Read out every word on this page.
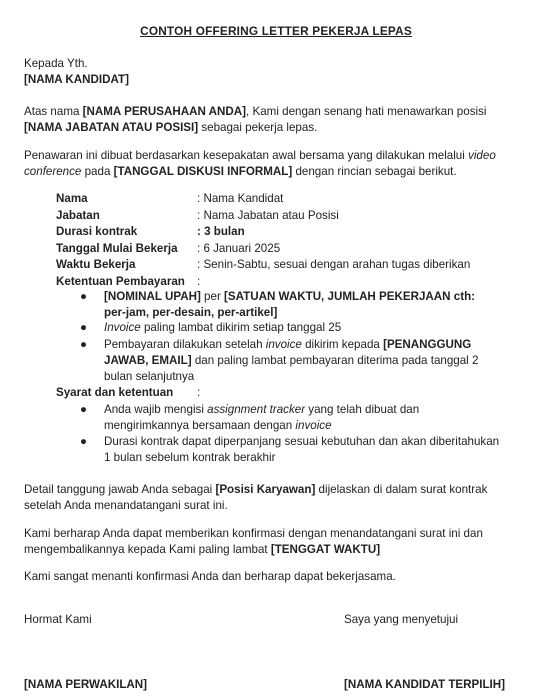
CONTOH OFFERING LETTER PEKERJA LEPAS
Kepada Yth.
[NAMA KANDIDAT]
Atas nama [NAMA PERUSAHAAN ANDA], Kami dengan senang hati menawarkan posisi
[NAMA JABATAN ATAU POSISI] sebagai pekerja lepas.
Penawaran ini dibuat berdasarkan kesepakatan awal bersama yang dilakukan melalui video conference pada [TANGGAL DISKUSI INFORMAL] dengan rincian sebagai berikut.
Nama	: Nama Kandidat
Jabatan	: Nama Jabatan atau Posisi
Durasi kontrak	: 3 bulan
Tanggal Mulai Bekerja : 6 Januari 2025
Waktu Bekerja	: Senin-Sabtu, sesuai dengan arahan tugas diberikan
Ketentuan Pembayaran :
● [NOMINAL UPAH] per [SATUAN WAKTU, JUMLAH PEKERJAAN cth:
per-jam, per-desain, per-artikel]
● Invoice paling lambat dikirim setiap tanggal 25
● Pembayaran dilakukan setelah invoice dikirim kepada [PENANGGUNG
JAWAB, EMAIL] dan paling lambat pembayaran diterima pada tanggal 2
bulan selanjutnya
Syarat dan ketentuan :
● Anda wajib mengisi assignment tracker yang telah dibuat dan
mengirimkannya bersamaan dengan invoice
● Durasi kontrak dapat diperpanjang sesuai kebutuhan dan akan diberitahukan
1 bulan sebelum kontrak berakhir
Detail tanggung jawab Anda sebagai [Posisi Karyawan] dijelaskan di dalam surat kontrak
setelah Anda menandatangani surat ini.
Kami berharap Anda dapat memberikan konfirmasi dengan menandatangani surat ini dan
mengembalikannya kepada Kami paling lambat [TENGGAT WAKTU]
Kami sangat menanti konfirmasi Anda dan berharap dapat bekerjasama.
Hormat Kami	Saya yang menyetujui
[NAMA PERWAKILAN]	[NAMA KANDIDAT TERPILIH]
